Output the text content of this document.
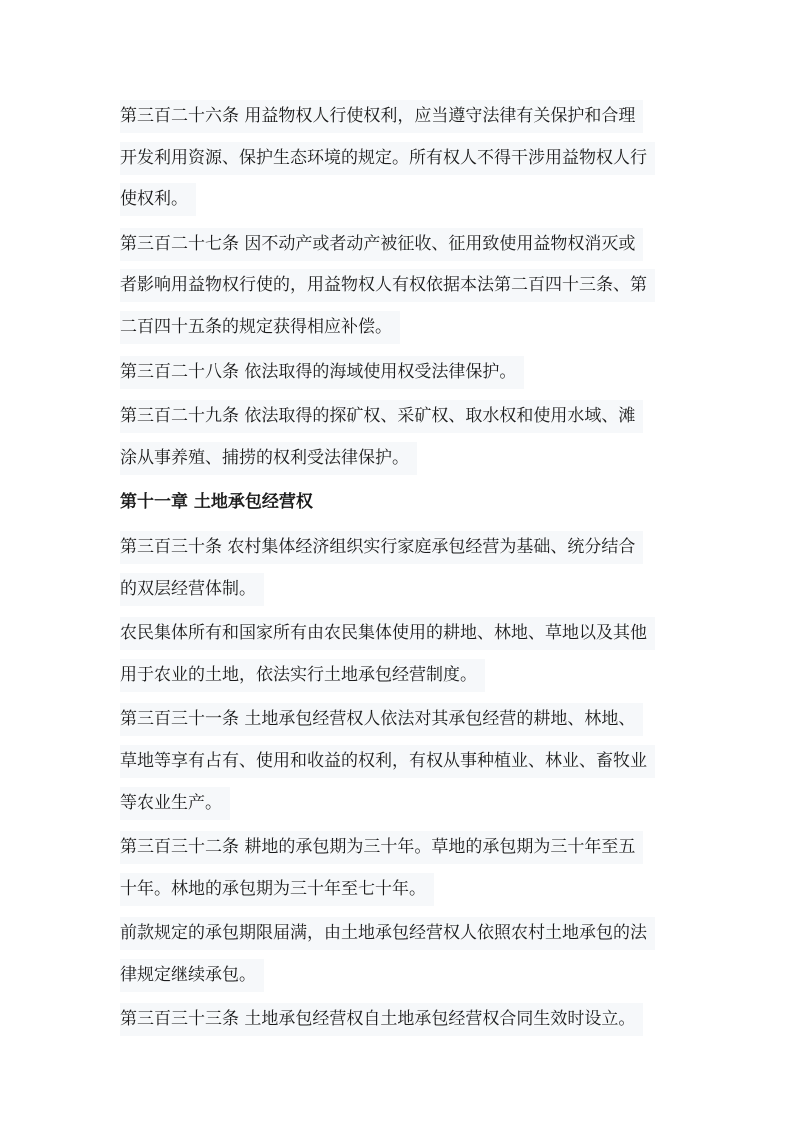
第三百二十六条 用益物权人行使权利，应当遵守法律有关保护和合理
开发利用资源、保护生态环境的规定。所有权人不得干涉用益物权人行
使权利。
第三百二十七条 因不动产或者动产被征收、征用致使用益物权消灭或
者影响用益物权行使的，用益物权人有权依据本法第二百四十三条、第
二百四十五条的规定获得相应补偿。
第三百二十八条 依法取得的海域使用权受法律保护。
第三百二十九条 依法取得的探矿权、采矿权、取水权和使用水域、滩
涂从事养殖、捕捞的权利受法律保护。
第十一章 土地承包经营权
第三百三十条 农村集体经济组织实行家庭承包经营为基础、统分结合
的双层经营体制。
农民集体所有和国家所有由农民集体使用的耕地、林地、草地以及其他
用于农业的土地，依法实行土地承包经营制度。
第三百三十一条 土地承包经营权人依法对其承包经营的耕地、林地、
草地等享有占有、使用和收益的权利，有权从事种植业、林业、畜牧业
等农业生产。
第三百三十二条 耕地的承包期为三十年。草地的承包期为三十年至五
十年。林地的承包期为三十年至七十年。
前款规定的承包期限届满，由土地承包经营权人依照农村土地承包的法
律规定继续承包。
第三百三十三条 土地承包经营权自土地承包经营权合同生效时设立。
